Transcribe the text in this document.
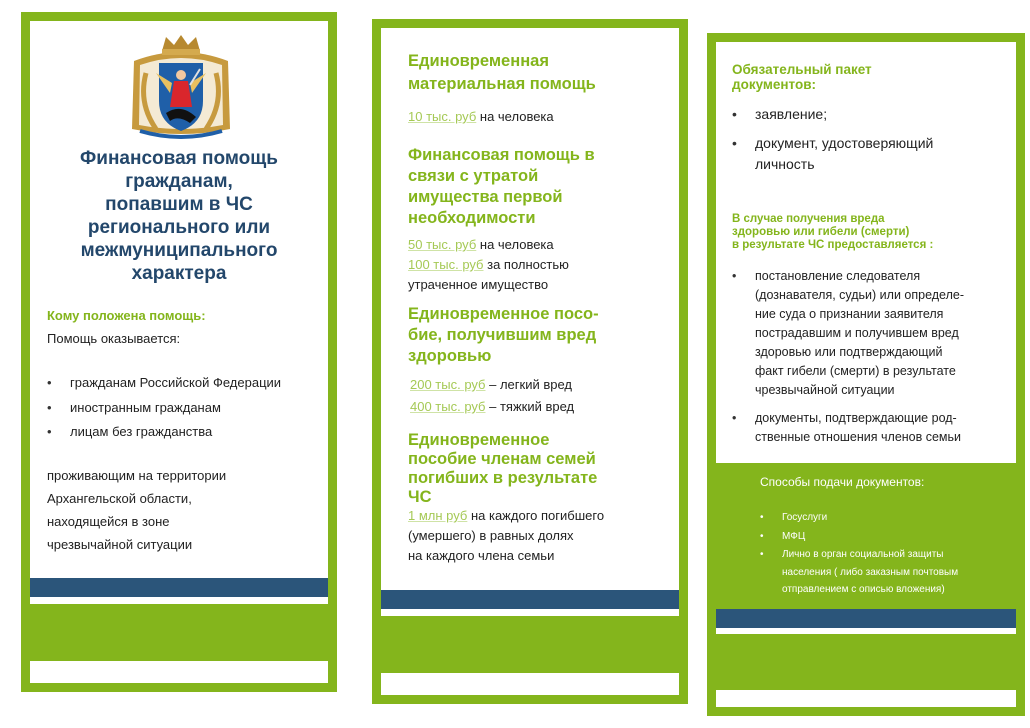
Финансовая помощь
гражданам,
попавшим в ЧС
регионального или
межмуниципального
характера
Кому положена помощь:
Помощь оказывается:
• гражданам Российской Федерации
• иностранным гражданам
• лицам без гражданства
проживающим на территории
Архангельской области,
находящейся в зоне
чрезвычайной ситуации
Единовременная
материальная помощь
10 тыс. руб на человека
Финансовая помощь в
связи с утратой
имущества первой
необходимости
50 тыс. руб на человека
100 тыс. руб за полностью
утраченное имущество
Единовременное посо-
бие, получившим вред
здоровью
200 тыс. руб – легкий вред
400 тыс. руб – тяжкий вред
Единовременное
пособие членам семей
погибших в результате
ЧС
1 млн руб на каждого погибшего
(умершего) в равных долях
на каждого члена семьи
Обязательный пакет
документов:
• заявление;
• документ, удостоверяющий
личность
В случае получения вреда
здоровью или гибели (смерти)
в результате ЧС предоставляется :
• постановление следователя
(дознавателя, судьи) или определе-
ние суда о признании заявителя
пострадавшим и получившем вред
здоровью или подтверждающий
факт гибели (смерти) в результате
чрезвычайной ситуации
• документы, подтверждающие род-
ственные отношения членов семьи
Способы подачи документов:
• Госуслуги
• МФЦ
• Лично в орган социальной защиты
населения ( либо заказным почтовым
отправлением с описью вложения)
